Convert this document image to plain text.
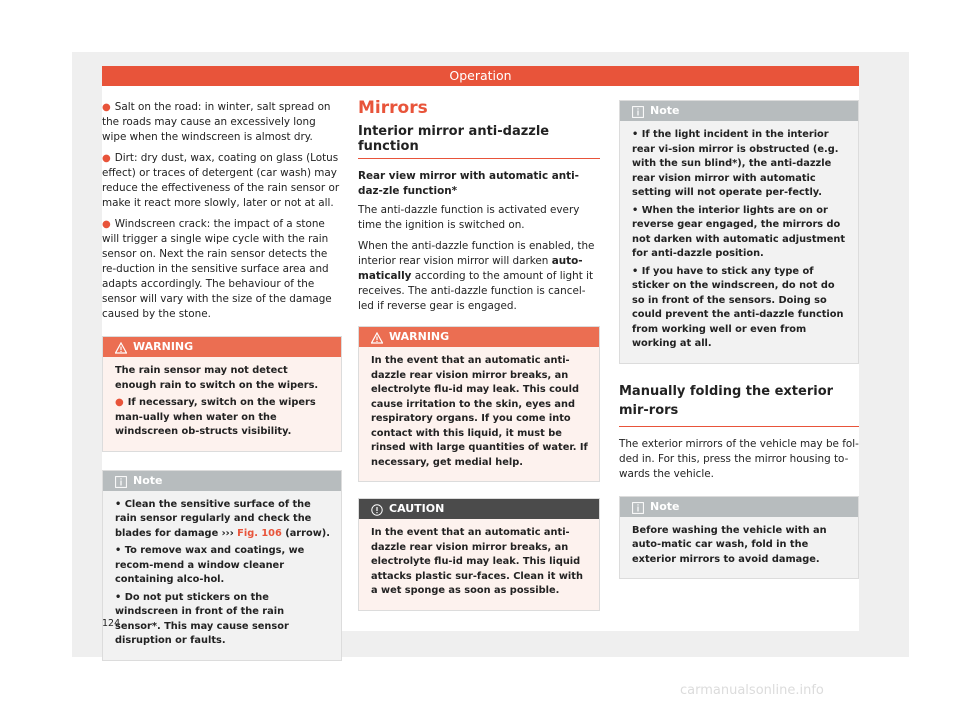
Operation

● Salt on the road: in winter, salt spread on the roads may cause an excessively long wipe when the windscreen is almost dry.

● Dirt: dry dust, wax, coating on glass (Lotus effect) or traces of detergent (car wash) may reduce the effectiveness of the rain sensor or make it react more slowly, later or not at all.

● Windscreen crack: the impact of a stone will trigger a single wipe cycle with the rain sensor on. Next the rain sensor detects the re-duction in the sensitive surface area and adapts accordingly. The behaviour of the sensor will vary with the size of the damage caused by the stone.

WARNING

The rain sensor may not detect enough rain to switch on the wipers.

● If necessary, switch on the wipers man-ually when water on the windscreen ob-structs visibility.

Note

• Clean the sensitive surface of the rain sensor regularly and check the blades for damage ››› Fig. 106 (arrow).

• To remove wax and coatings, we recom-mend a window cleaner containing alco-hol.

• Do not put stickers on the windscreen in front of the rain sensor*. This may cause sensor disruption or faults.

Mirrors
Interior mirror anti-dazzle function
Rear view mirror with automatic anti-daz-zle function*

The anti-dazzle function is activated every time the ignition is switched on.

When the anti-dazzle function is enabled, the interior rear vision mirror will darken auto-matically according to the amount of light it receives. The anti-dazzle function is cancel-led if reverse gear is engaged.

WARNING

In the event that an automatic anti-dazzle rear vision mirror breaks, an electrolyte flu-id may leak. This could cause irritation to the skin, eyes and respiratory organs. If you come into contact with this liquid, it must be rinsed with large quantities of water. If necessary, get medial help.

CAUTION

In the event that an automatic anti-dazzle rear vision mirror breaks, an electrolyte flu-id may leak. This liquid attacks plastic sur-faces. Clean it with a wet sponge as soon as possible.

Note

• If the light incident in the interior rear vi-sion mirror is obstructed (e.g. with the sun blind*), the anti-dazzle rear vision mirror with automatic setting will not operate per-fectly.

• When the interior lights are on or reverse gear engaged, the mirrors do not darken with automatic adjustment for anti-dazzle position.

• If you have to stick any type of sticker on the windscreen, do not do so in front of the sensors. Doing so could prevent the anti-dazzle function from working well or even from working at all.

Manually folding the exterior mir-rors

The exterior mirrors of the vehicle may be fol-ded in. For this, press the mirror housing to-wards the vehicle.

Note

Before washing the vehicle with an auto-matic car wash, fold in the exterior mirrors to avoid damage.

124
carmanualsonline.info
